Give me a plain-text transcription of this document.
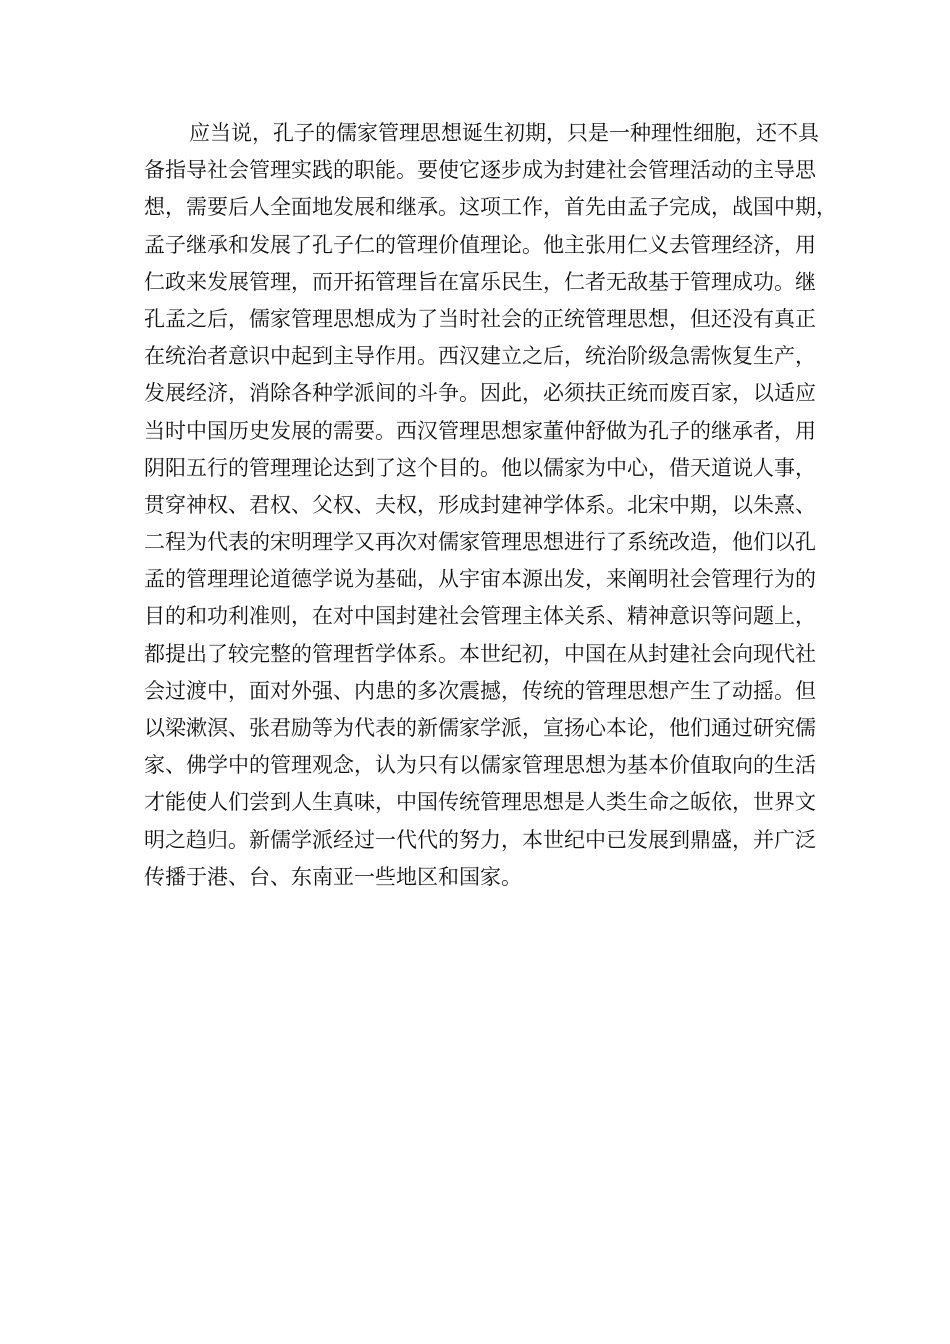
应当说，孔子的儒家管理思想诞生初期，只是一种理性细胞，还不具
备指导社会管理实践的职能。要使它逐步成为封建社会管理活动的主导思
想，需要后人全面地发展和继承。这项工作，首先由孟子完成，战国中期，
孟子继承和发展了孔子仁的管理价值理论。他主张用仁义去管理经济，用
仁政来发展管理，而开拓管理旨在富乐民生，仁者无敌基于管理成功。继
孔孟之后，儒家管理思想成为了当时社会的正统管理思想，但还没有真正
在统治者意识中起到主导作用。西汉建立之后，统治阶级急需恢复生产，
发展经济，消除各种学派间的斗争。因此，必须扶正统而废百家，以适应
当时中国历史发展的需要。西汉管理思想家董仲舒做为孔子的继承者，用
阴阳五行的管理理论达到了这个目的。他以儒家为中心，借天道说人事，
贯穿神权、君权、父权、夫权，形成封建神学体系。北宋中期，以朱熹、
二程为代表的宋明理学又再次对儒家管理思想进行了系统改造，他们以孔
孟的管理理论道德学说为基础，从宇宙本源出发，来阐明社会管理行为的
目的和功利准则，在对中国封建社会管理主体关系、精神意识等问题上，
都提出了较完整的管理哲学体系。本世纪初，中国在从封建社会向现代社
会过渡中，面对外强、内患的多次震撼，传统的管理思想产生了动摇。但
以梁漱溟、张君励等为代表的新儒家学派，宣扬心本论，他们通过研究儒
家、佛学中的管理观念，认为只有以儒家管理思想为基本价值取向的生活
才能使人们尝到人生真味，中国传统管理思想是人类生命之皈依，世界文
明之趋归。新儒学派经过一代代的努力，本世纪中已发展到鼎盛，并广泛
传播于港、台、东南亚一些地区和国家。
